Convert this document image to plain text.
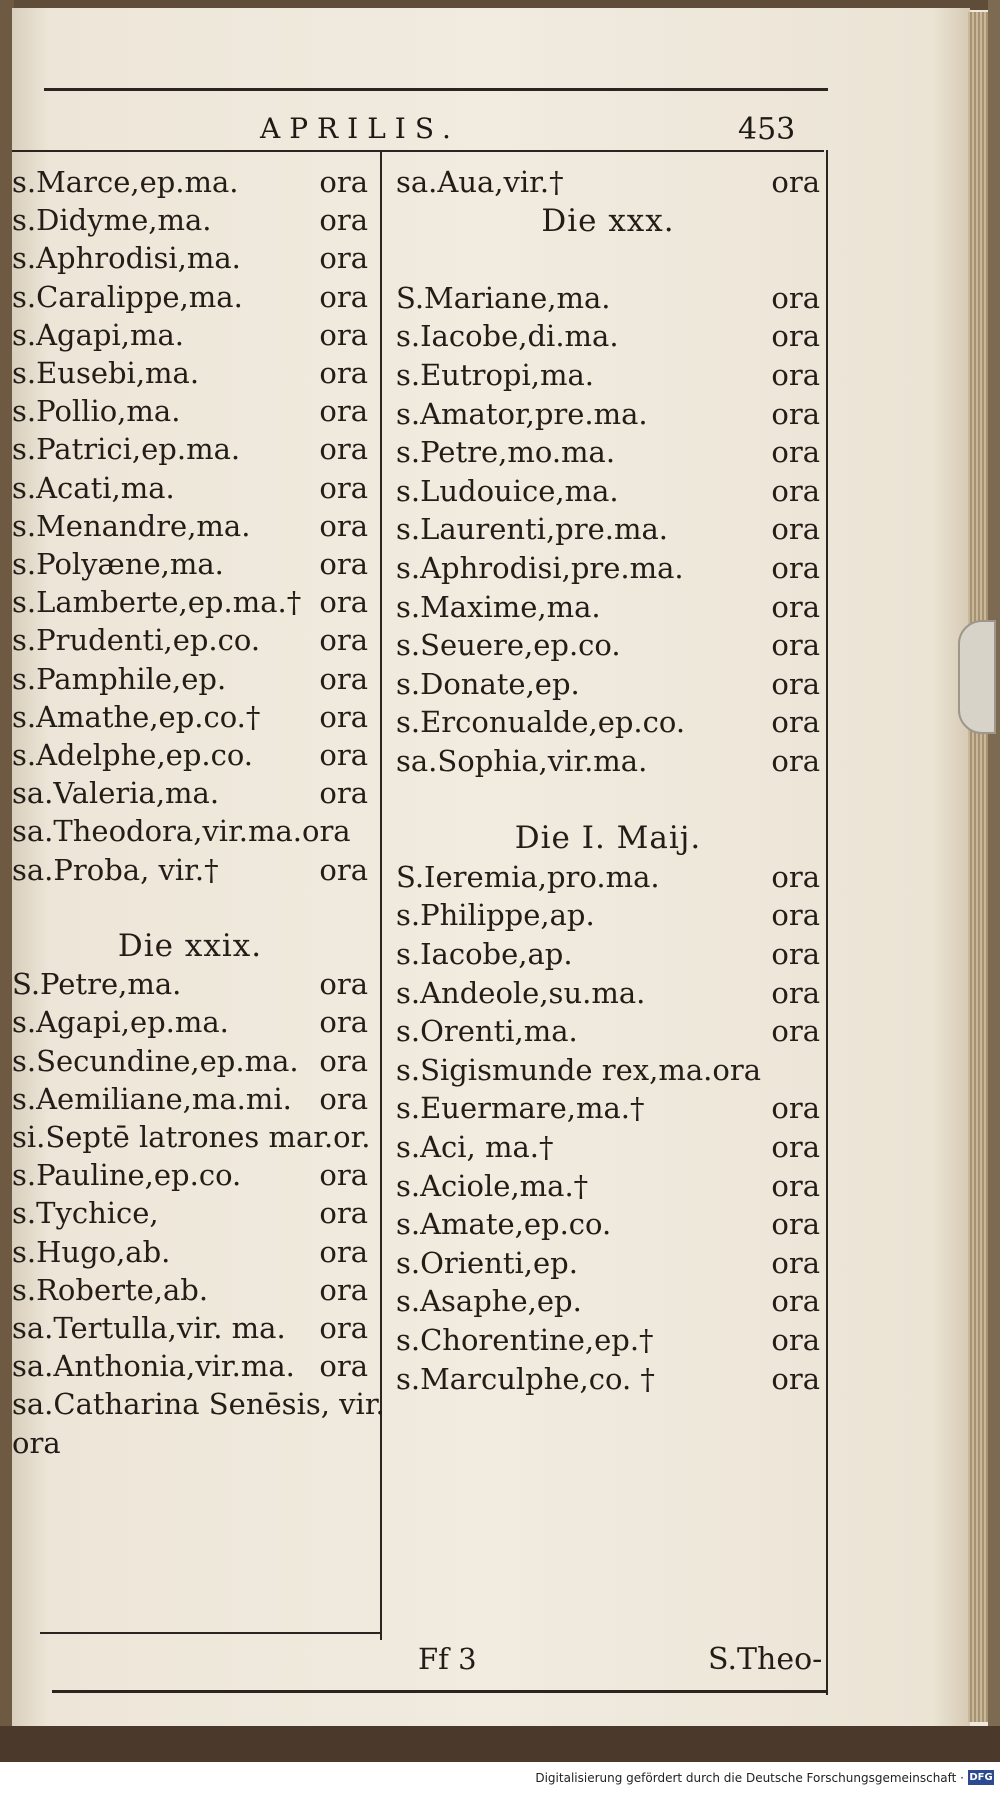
APRILIS.	453
s.Marce,ep.ma.	ora
s.Didyme,ma.	ora
s.Aphrodisi,ma.	ora
s.Caralippe,ma.	ora
s.Agapi,ma.	ora
s.Eusebi,ma.	ora
s.Pollio,ma.	ora
s.Patrici,ep.ma.	ora
s.Acati,ma.	ora
s.Menandre,ma. ora
s.Polyæne,ma.	ora
s.Lamberte,ep.ma.† ora
s.Prudenti,ep.co. ora
s.Pamphile,ep.	ora
s.Amathe,ep.co.† ora
s.Adelphe,ep.co. ora
sa.Valeria,ma.	ora
sa.Theodora,vir.ma.ora
sa.Proba, vir.†	ora
Die xxix.
S.Petre,ma.	ora
s.Agapi,ep.ma.	ora
s.Secundine,ep.ma. ora
s.Aemiliane,ma.mi. ora
si.Septē latrones mar.or.
s.Pauline,ep.co.	ora
s.Tychice,	ora
s.Hugo,ab.	ora
s.Roberte,ab.	ora
sa.Tertulla,vir. ma. ora
sa.Anthonia,vir.ma. ora
sa.Catharina Senēsis, vir.
ora
sa.Aua,vir.†	ora
Die xxx.
S.Mariane,ma.	ora
s.Iacobe,di.ma.	ora
s.Eutropi,ma.	ora
s.Amator,pre.ma.	ora
s.Petre,mo.ma.	ora
s.Ludouice,ma.	ora
s.Laurenti,pre.ma.	ora
s.Aphrodisi,pre.ma.	ora
s.Maxime,ma.	ora
s.Seuere,ep.co.	ora
s.Donate,ep.	ora
s.Erconualde,ep.co.	ora
sa.Sophia,vir.ma.	ora
Die I. Maij.
S.Ieremia,pro.ma.	ora
s.Philippe,ap.	ora
s.Iacobe,ap.	ora
s.Andeole,su.ma.	ora
s.Orenti,ma.	ora
s.Sigismunde rex,ma.ora
s.Euermare,ma.†	ora
s.Aci, ma.†	ora
s.Aciole,ma.†	ora
s.Amate,ep.co.	ora
s.Orienti,ep.	ora
s.Asaphe,ep.	ora
s.Chorentine,ep.†	ora
s.Marculphe,co. †	ora
Ff 3	S.Theo-
Digitalisierung gefördert durch die Deutsche Forschungsgemeinschaft · DFG
